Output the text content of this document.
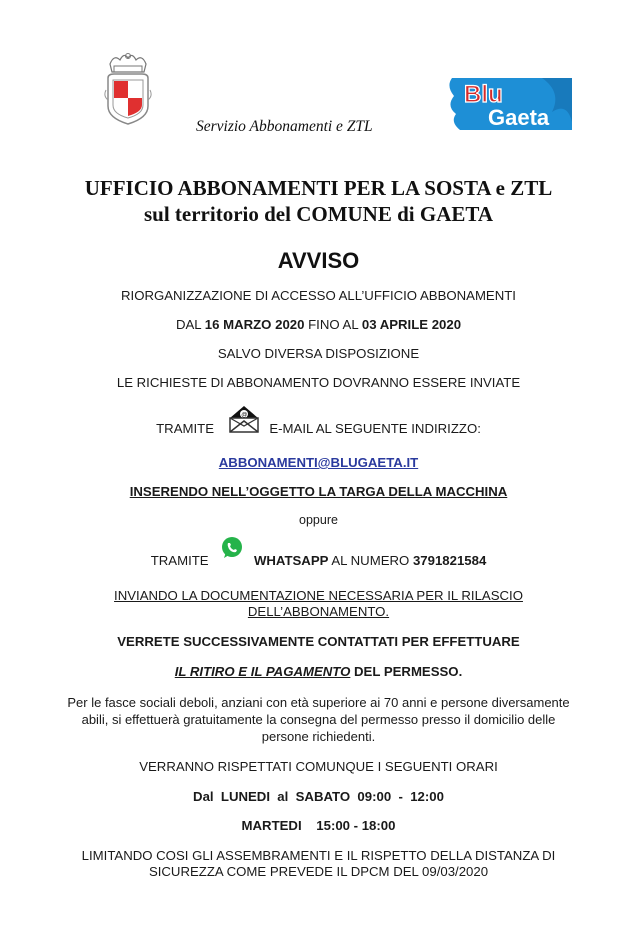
Servizio Abbonamenti e ZTL
Blu
Gaeta
UFFICIO ABBONAMENTI PER LA SOSTA e ZTL
sul territorio del COMUNE di GAETA
AVVISO
RIORGANIZZAZIONE DI ACCESSO ALL’UFFICIO ABBONAMENTI
DAL 16 MARZO 2020 FINO AL 03 APRILE 2020
SALVO DIVERSA DISPOSIZIONE
LE RICHIESTE DI ABBONAMENTO DOVRANNO ESSERE INVIATE
TRAMITE
@
E-MAIL AL SEGUENTE INDIRIZZO:
ABBONAMENTI@BLUGAETA.IT
INSERENDO NELL’OGGETTO LA TARGA DELLA MACCHINA
oppure
TRAMITE	WHATSAPP AL NUMERO 3791821584
INVIANDO LA DOCUMENTAZIONE NECESSARIA PER IL RILASCIO
DELL’ABBONAMENTO.
VERRETE SUCCESSIVAMENTE CONTATTATI PER EFFETTUARE
IL RITIRO E IL PAGAMENTO DEL PERMESSO.
Per le fasce sociali deboli, anziani con età superiore ai 70 anni e persone diversamente abili, si effettuerà gratuitamente la consegna del permesso presso il domicilio delle persone richiedenti.
VERRANNO RISPETTATI COMUNQUE I SEGUENTI ORARI
Dal  LUNEDI  al  SABATO  09:00  -  12:00
MARTEDI    15:00 - 18:00
LIMITANDO COSI GLI ASSEMBRAMENTI E IL RISPETTO DELLA DISTANZA DI
SICUREZZA COME PREVEDE IL DPCM DEL 09/03/2020
